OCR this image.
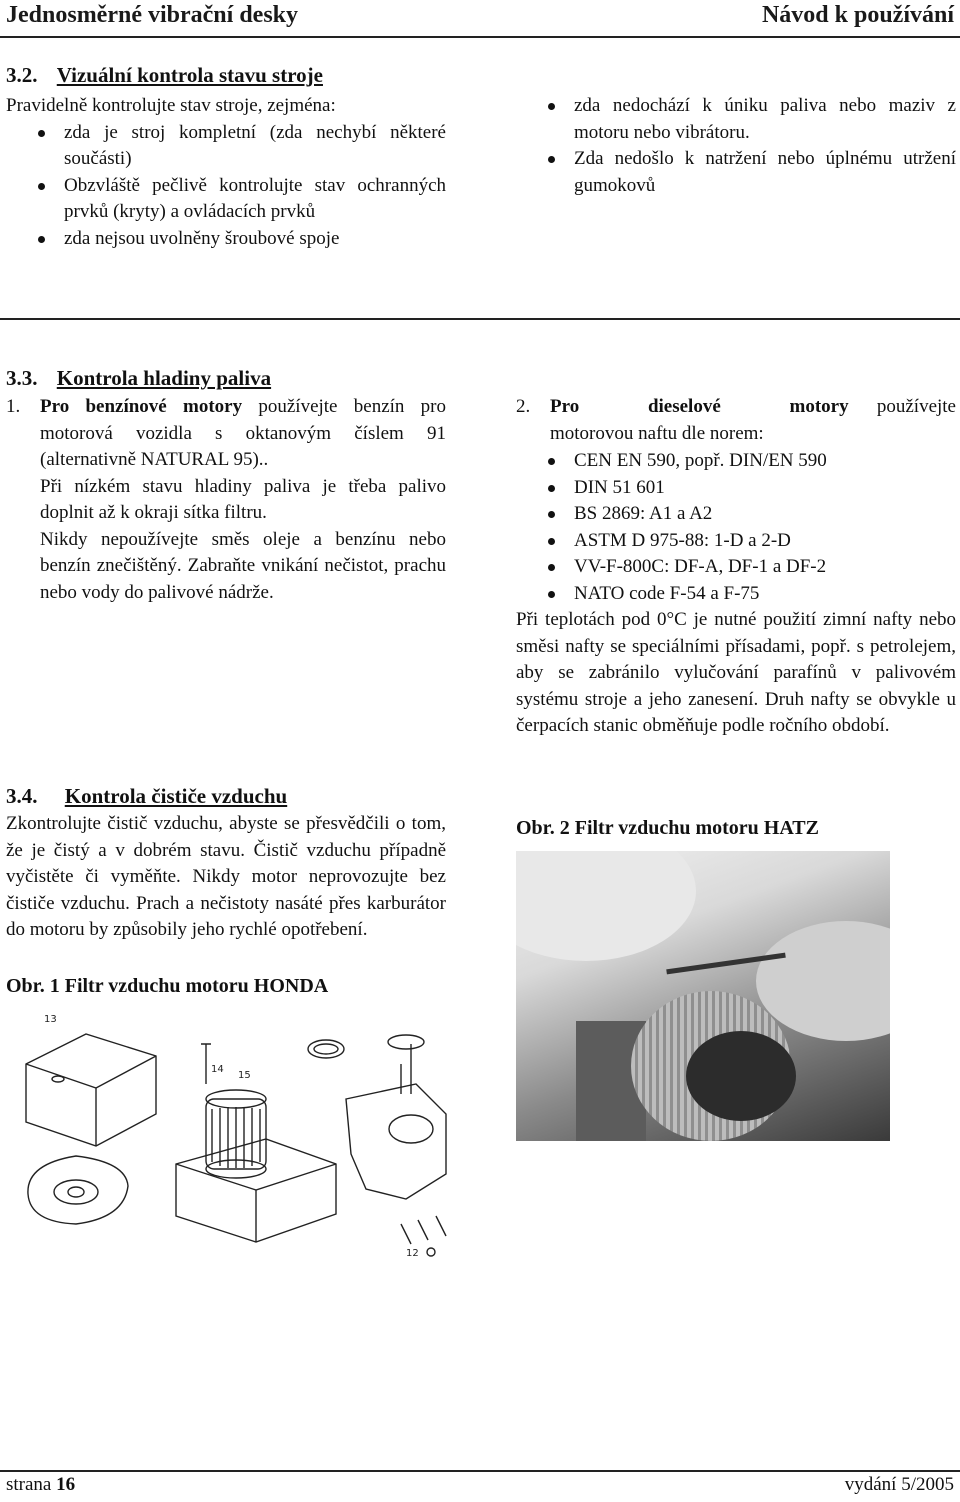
Jednosměrné vibrační desky	Návod k používání
3.2. Vizuální kontrola stavu stroje
Pravidelně kontrolujte stav stroje, zejména:
zda je stroj kompletní (zda nechybí některé součásti)
Obzvláště pečlivě kontrolujte stav ochranných prvků (kryty) a ovládacích prvků
zda nejsou uvolněny šroubové spoje
zda nedochází k úniku paliva nebo maziv z motoru nebo vibrátoru.
Zda nedošlo k natržení nebo úplnému utržení gumokovů
3.3. Kontrola hladiny paliva
1.	Pro benzínové motory používejte benzín pro motorová vozidla s oktanovým číslem 91 (alternativně NATURAL 95)..
Při nízkém stavu hladiny paliva je třeba palivo doplnit až k okraji sítka filtru.
Nikdy nepoužívejte směs oleje a benzínu nebo benzín znečištěný. Zabraňte vnikání nečistot, prachu nebo vody do palivové nádrže.
2.	Pro dieselové motory používejte
motorovou naftu dle norem:
CEN EN 590, popř. DIN/EN 590
DIN 51 601
BS 2869: A1 a A2
ASTM D 975-88: 1-D a 2-D
VV-F-800C: DF-A, DF-1 a DF-2
NATO code F-54 a F-75
Při teplotách pod 0°C je nutné použití zimní nafty nebo směsi nafty se speciálními přísadami, popř. s petrolejem, aby se zabránilo vylučování parafínů v palivovém systému stroje a jeho zanesení. Druh nafty se obvykle u čerpacích stanic obměňuje podle ročního období.
3.4. Kontrola čističe vzduchu
Zkontrolujte čistič vzduchu, abyste se přesvědčili o tom, že je čistý a v dobrém stavu. Čistič vzduchu případně vyčistěte či vyměňte. Nikdy motor neprovozujte bez čističe vzduchu. Prach a nečistoty nasáté přes karburátor do motoru by způsobily jeho rychlé opotřebení.
Obr. 1 Filtr vzduchu motoru HONDA
Obr. 2 Filtr vzduchu motoru HATZ
13
14
15
12
strana 16	vydání 5/2005
